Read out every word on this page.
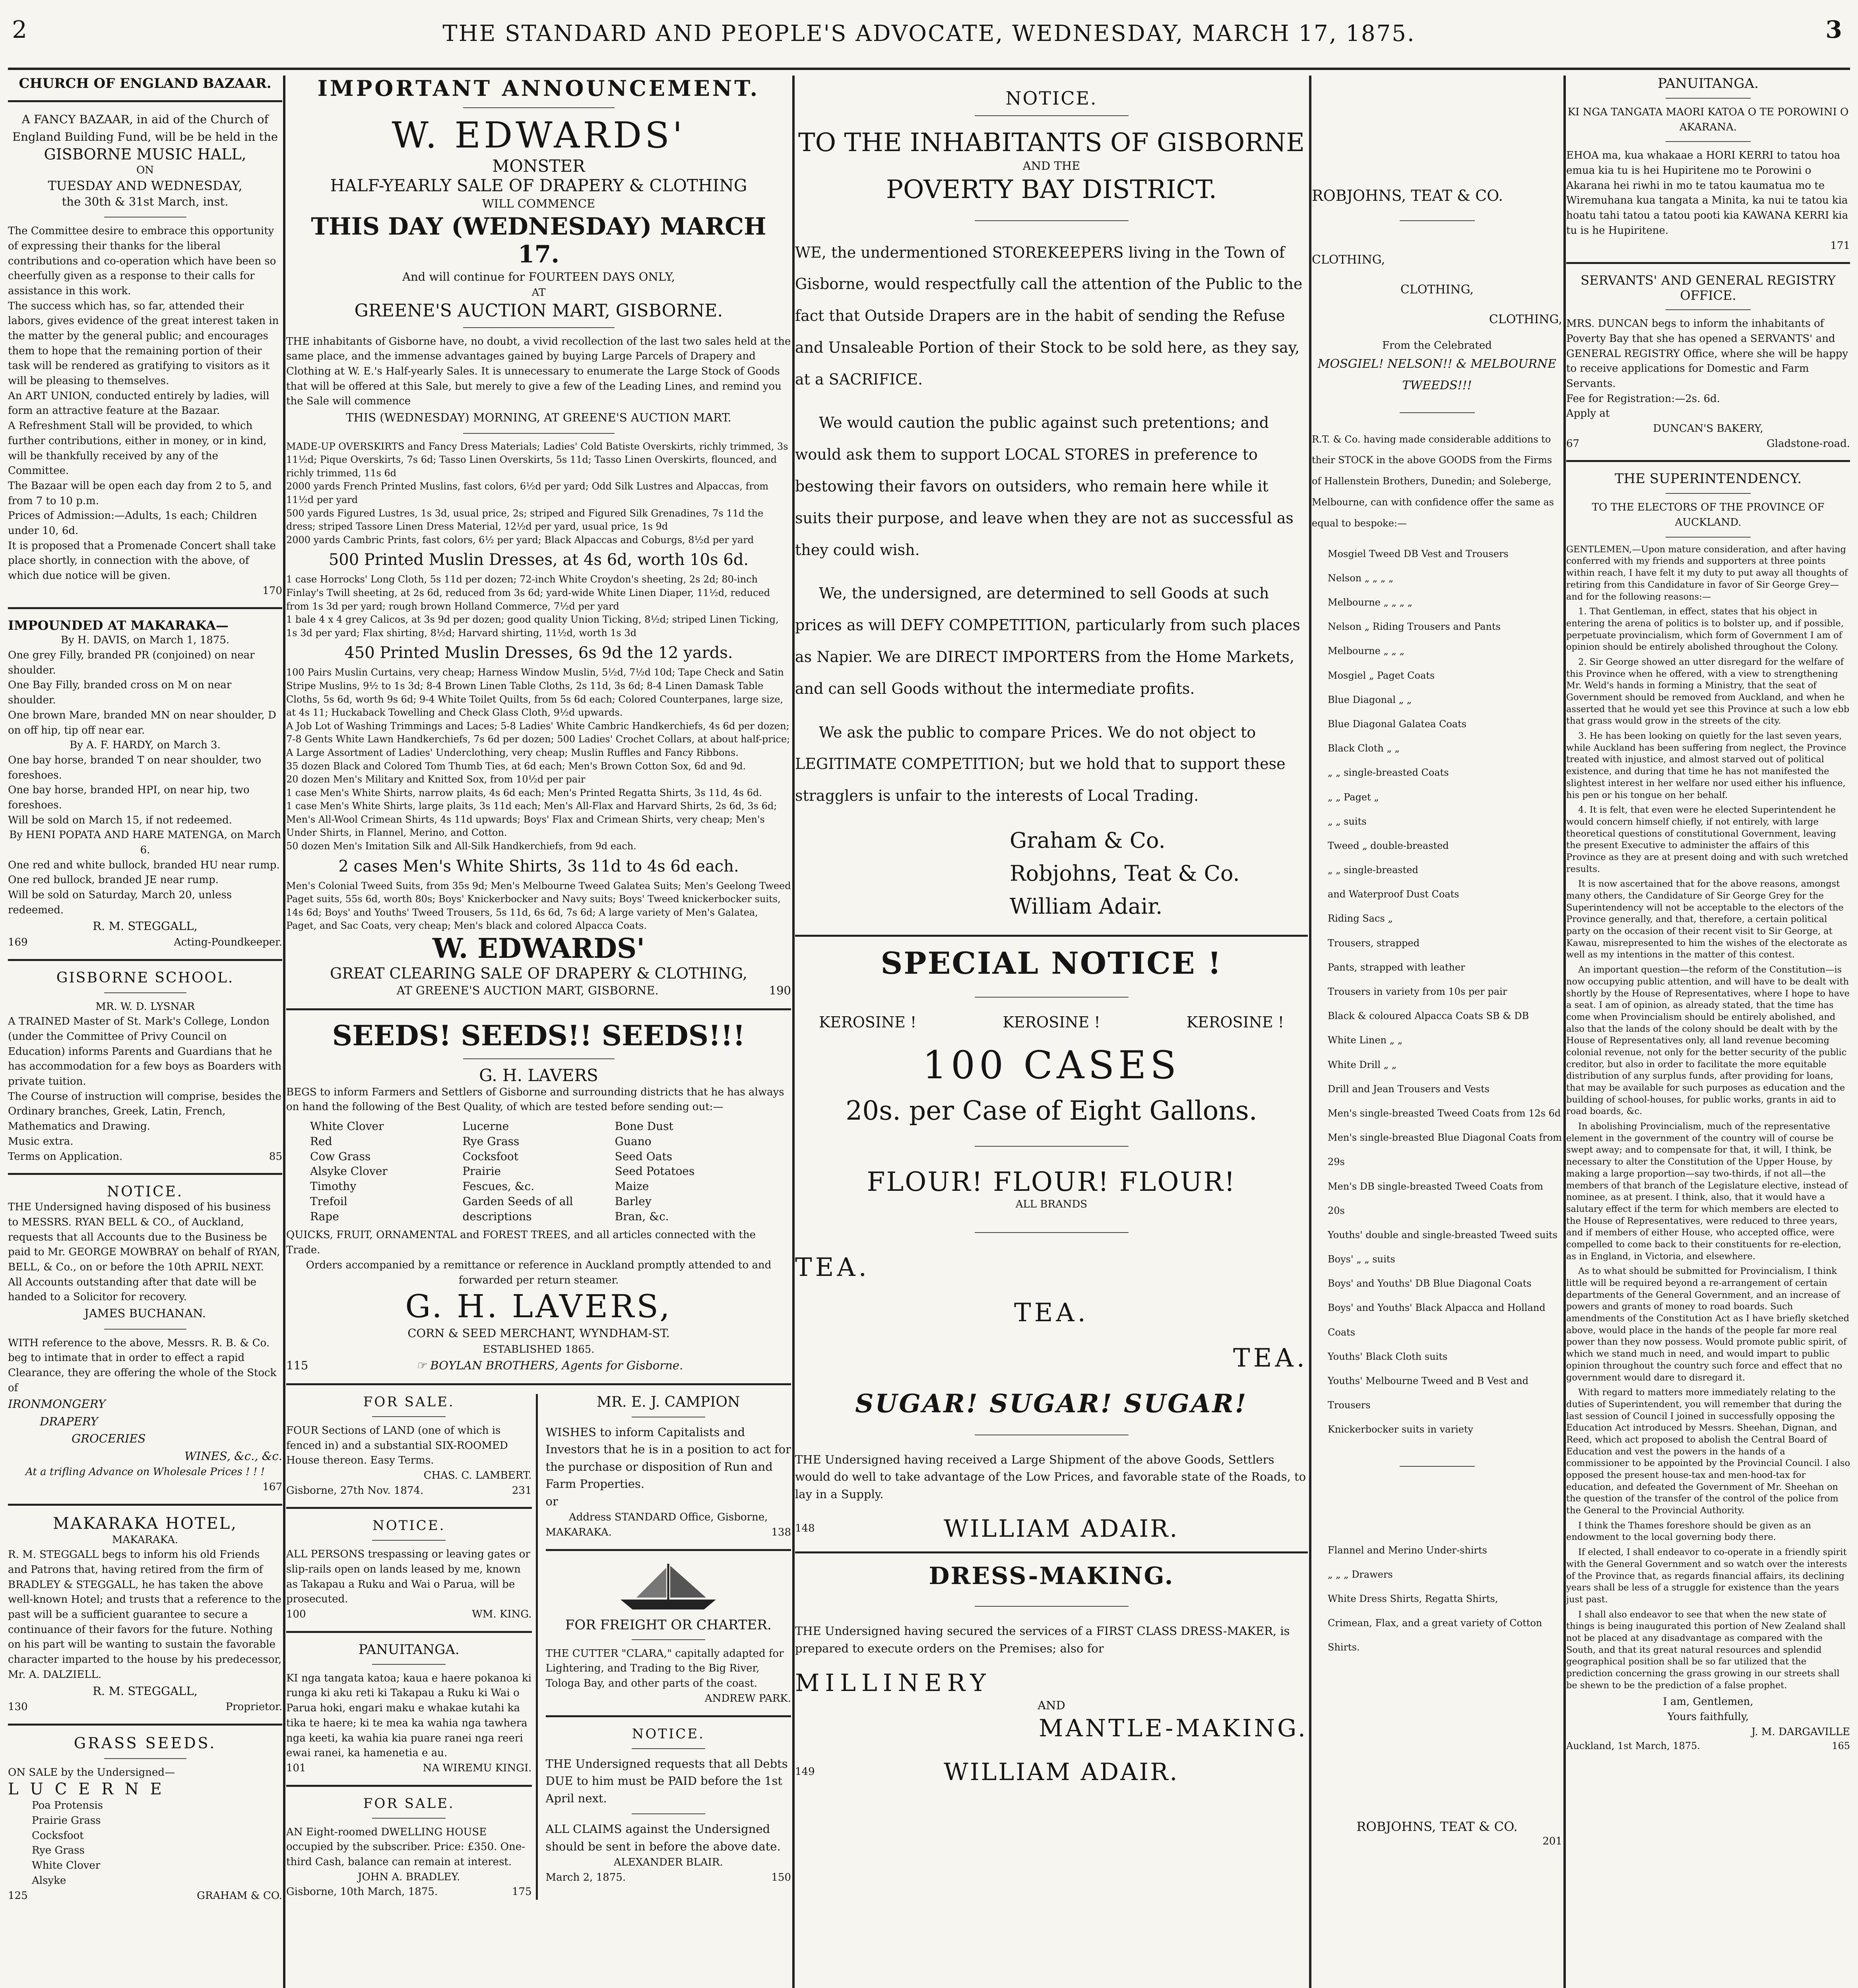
2	THE STANDARD AND PEOPLE'S ADVOCATE, WEDNESDAY, MARCH 17, 1875.	3

CHURCH OF ENGLAND BAZAAR.

A FANCY BAZAAR, in aid of the Church of England Building Fund, will be be held in the

GISBORNE MUSIC HALL,

ON

TUESDAY AND WEDNESDAY,

the 30th & 31st March, inst.

The Committee desire to embrace this opportunity of expressing their thanks for the liberal contributions and co-operation which have been so cheerfully given as a response to their calls for assistance in this work.

The success which has, so far, attended their labors, gives evidence of the great interest taken in the matter by the general public; and encourages them to hope that the remaining portion of their task will be rendered as gratifying to visitors as it will be pleasing to themselves.

An ART UNION, conducted entirely by ladies, will form an attractive feature at the Bazaar.

A Refreshment Stall will be provided, to which further contributions, either in money, or in kind, will be thankfully received by any of the Committee.

The Bazaar will be open each day from 2 to 5, and from 7 to 10 p.m.

Prices of Admission:—Adults, 1s each; Children under 10, 6d.

It is proposed that a Promenade Concert shall take place shortly, in connection with the above, of which due notice will be given.

170

IMPOUNDED AT MAKARAKA—

By H. DAVIS, on March 1, 1875.

One grey Filly, branded PR (conjoined) on near shoulder.

One Bay Filly, branded cross on M on near shoulder.

One brown Mare, branded MN on near shoulder, D on off hip, tip off near ear.

By A. F. HARDY, on March 3.

One bay horse, branded T on near shoulder, two foreshoes.

One bay horse, branded HPI, on near hip, two foreshoes.

Will be sold on March 15, if not redeemed.

By HENI POPATA AND HARE MATENGA, on March 6.

One red and white bullock, branded HU near rump.

One red bullock, branded JE near rump.

Will be sold on Saturday, March 20, unless redeemed.

R. M. STEGGALL,

169	Acting-Poundkeeper.

GISBORNE SCHOOL.

MR. W. D. LYSNAR

A TRAINED Master of St. Mark's College, London (under the Committee of Privy Council on Education) informs Parents and Guardians that he has accommodation for a few boys as Boarders with private tuition.

The Course of instruction will comprise, besides the Ordinary branches, Greek, Latin, French, Mathematics and Drawing.

Music extra.

Terms on Application.	85

NOTICE.

THE Undersigned having disposed of his business to MESSRS. RYAN BELL & CO., of Auckland, requests that all Accounts due to the Business be paid to Mr. GEORGE MOWBRAY on behalf of RYAN, BELL, & Co., on or before the 10th APRIL NEXT.

All Accounts outstanding after that date will be handed to a Solicitor for recovery.

JAMES BUCHANAN.

WITH reference to the above, Messrs. R. B. & Co. beg to intimate that in order to effect a rapid Clearance, they are offering the whole of the Stock of

IRONMONGERY

DRAPERY

GROCERIES

WINES, &c., &c.

At a trifling Advance on Wholesale Prices ! ! !

167

MAKARAKA HOTEL,

MAKARAKA.

R. M. STEGGALL begs to inform his old Friends and Patrons that, having retired from the firm of BRADLEY & STEGGALL, he has taken the above well-known Hotel; and trusts that a reference to the past will be a sufficient guarantee to secure a continuance of their favors for the future. Nothing on his part will be wanting to sustain the favorable character imparted to the house by his predecessor, Mr. A. DALZIELL.

R. M. STEGGALL,

130	Proprietor.

GRASS SEEDS.

ON SALE by the Undersigned—

L U C E R N E

Poa Protensis

Prairie Grass

Cocksfoot

Rye Grass

White Clover

Alsyke

125	GRAHAM & CO.

IMPORTANT ANNOUNCEMENT.

W. EDWARDS'

MONSTER

HALF-YEARLY SALE OF DRAPERY & CLOTHING

WILL COMMENCE

THIS DAY (WEDNESDAY) MARCH 17.

And will continue for FOURTEEN DAYS ONLY,

AT

GREENE'S AUCTION MART, GISBORNE.

THE inhabitants of Gisborne have, no doubt, a vivid recollection of the last two sales held at the same place, and the immense advantages gained by buying Large Parcels of Drapery and Clothing at W. E.'s Half-yearly Sales. It is unnecessary to enumerate the Large Stock of Goods that will be offered at this Sale, but merely to give a few of the Leading Lines, and remind you the Sale will commence

THIS (WEDNESDAY) MORNING, AT GREENE'S AUCTION MART.

MADE-UP OVERSKIRTS and Fancy Dress Materials; Ladies' Cold Batiste Overskirts, richly trimmed, 3s 11½d; Pique Overskirts, 7s 6d; Tasso Linen Overskirts, 5s 11d; Tasso Linen Overskirts, flounced, and richly trimmed, 11s 6d

2000 yards French Printed Muslins, fast colors, 6½d per yard; Odd Silk Lustres and Alpaccas, from 11½d per yard

500 yards Figured Lustres, 1s 3d, usual price, 2s; striped and Figured Silk Grenadines, 7s 11d the dress; striped Tassore Linen Dress Material, 12½d per yard, usual price, 1s 9d

2000 yards Cambric Prints, fast colors, 6½ per yard; Black Alpaccas and Coburgs, 8½d per yard

500 Printed Muslin Dresses, at 4s 6d, worth 10s 6d.

1 case Horrocks' Long Cloth, 5s 11d per dozen; 72-inch White Croydon's sheeting, 2s 2d; 80-inch Finlay's Twill sheeting, at 2s 6d, reduced from 3s 6d; yard-wide White Linen Diaper, 11½d, reduced from 1s 3d per yard; rough brown Holland Commerce, 7½d per yard

1 bale 4 x 4 grey Calicos, at 3s 9d per dozen; good quality Union Ticking, 8½d; striped Linen Ticking, 1s 3d per yard; Flax shirting, 8½d; Harvard shirting, 11½d, worth 1s 3d

450 Printed Muslin Dresses, 6s 9d the 12 yards.

100 Pairs Muslin Curtains, very cheap; Harness Window Muslin, 5½d, 7½d 10d; Tape Check and Satin Stripe Muslins, 9½ to 1s 3d; 8-4 Brown Linen Table Cloths, 2s 11d, 3s 6d; 8-4 Linen Damask Table Cloths, 5s 6d, worth 9s 6d; 9-4 White Toilet Quilts, from 5s 6d each; Colored Counterpanes, large size, at 4s 11; Huckaback Towelling and Check Glass Cloth, 9½d upwards.

A Job Lot of Washing Trimmings and Laces; 5-8 Ladies' White Cambric Handkerchiefs, 4s 6d per dozen; 7-8 Gents White Lawn Handkerchiefs, 7s 6d per dozen; 500 Ladies' Crochet Collars, at about half-price; A Large Assortment of Ladies' Underclothing, very cheap; Muslin Ruffles and Fancy Ribbons.

35 dozen Black and Colored Tom Thumb Ties, at 6d each; Men's Brown Cotton Sox, 6d and 9d.

20 dozen Men's Military and Knitted Sox, from 10½d per pair

1 case Men's White Shirts, narrow plaits, 4s 6d each; Men's Printed Regatta Shirts, 3s 11d, 4s 6d.

1 case Men's White Shirts, large plaits, 3s 11d each; Men's All-Flax and Harvard Shirts, 2s 6d, 3s 6d; Men's All-Wool Crimean Shirts, 4s 11d upwards; Boys' Flax and Crimean Shirts, very cheap; Men's Under Shirts, in Flannel, Merino, and Cotton.

50 dozen Men's Imitation Silk and All-Silk Handkerchiefs, from 9d each.

2 cases Men's White Shirts, 3s 11d to 4s 6d each.

Men's Colonial Tweed Suits, from 35s 9d; Men's Melbourne Tweed Galatea Suits; Men's Geelong Tweed Paget suits, 55s 6d, worth 80s; Boys' Knickerbocker and Navy suits; Boys' Tweed knickerbocker suits, 14s 6d; Boys' and Youths' Tweed Trousers, 5s 11d, 6s 6d, 7s 6d; A large variety of Men's Galatea, Paget, and Sac Coats, very cheap; Men's black and colored Alpacca Coats.

W. EDWARDS'

GREAT CLEARING SALE OF DRAPERY & CLOTHING,

AT GREENE'S AUCTION MART, GISBORNE.	190

SEEDS! SEEDS!! SEEDS!!!

G. H. LAVERS

BEGS to inform Farmers and Settlers of Gisborne and surrounding districts that he has always on hand the following of the Best Quality, of which are tested before sending out:—

White Clover	Lucerne	Bone Dust
Red	Rye Grass	Guano
Cow Grass	Cocksfoot	Seed Oats
Alsyke Clover	Prairie	Seed Potatoes
Timothy	Fescues, &c.	Maize
Trefoil	Garden Seeds of all	Barley
Rape	descriptions	Bran, &c.

QUICKS, FRUIT, ORNAMENTAL and FOREST TREES, and all articles connected with the Trade.

Orders accompanied by a remittance or reference in Auckland promptly attended to and forwarded per return steamer.

G. H. LAVERS,

CORN & SEED MERCHANT, WYNDHAM-ST.

ESTABLISHED 1865.

115	☞ BOYLAN BROTHERS, Agents for Gisborne.

FOR SALE.

FOUR Sections of LAND (one of which is fenced in) and a substantial SIX-ROOMED House thereon. Easy Terms.

CHAS. C. LAMBERT.

Gisborne, 27th Nov. 1874.	231

NOTICE.

ALL PERSONS trespassing or leaving gates or slip-rails open on lands leased by me, known as Takapau a Ruku and Wai o Parua, will be prosecuted.

100	WM. KING.

PANUITANGA.

KI nga tangata katoa; kaua e haere pokanoa ki runga ki aku reti ki Takapau a Ruku ki Wai o Parua hoki, engari maku e whakae kutahi ka tika te haere; ki te mea ka wahia nga tawhera nga keeti, ka wahia kia puare ranei nga reeri ewai ranei, ka hamenetia e au.

101	NA WIREMU KINGI.

FOR SALE.

AN Eight-roomed DWELLING HOUSE occupied by the subscriber. Price: £350. One-third Cash, balance can remain at interest.

JOHN A. BRADLEY.

Gisborne, 10th March, 1875.	175

MR. E. J. CAMPION

WISHES to inform Capitalists and Investors that he is in a position to act for the purchase or disposition of Run and Farm Properties.

or

Address STANDARD Office, Gisborne,

MAKARAKA.	138

FOR FREIGHT OR CHARTER.

THE CUTTER "CLARA," capitally adapted for Lightering, and Trading to the Big River, Tologa Bay, and other parts of the coast.

ANDREW PARK.

NOTICE.

THE Undersigned requests that all Debts DUE to him must be PAID before the 1st April next.

ALL CLAIMS against the Undersigned should be sent in before the above date.

ALEXANDER BLAIR.

March 2, 1875.	150

NOTICE.

TO THE INHABITANTS OF GISBORNE

AND THE

POVERTY BAY DISTRICT.

WE, the undermentioned STOREKEEPERS living in the Town of Gisborne, would respectfully call the attention of the Public to the fact that Outside Drapers are in the habit of sending the Refuse and Unsaleable Portion of their Stock to be sold here, as they say, at a SACRIFICE.

We would caution the public against such pretentions; and would ask them to support LOCAL STORES in preference to bestowing their favors on outsiders, who remain here while it suits their purpose, and leave when they are not as successful as they could wish.

We, the undersigned, are determined to sell Goods at such prices as will DEFY COMPETITION, particularly from such places as Napier. We are DIRECT IMPORTERS from the Home Markets, and can sell Goods without the intermediate profits.

We ask the public to compare Prices. We do not object to LEGITIMATE COMPETITION; but we hold that to support these stragglers is unfair to the interests of Local Trading.

Graham & Co.

Robjohns, Teat & Co.

William Adair.

SPECIAL NOTICE !

KEROSINE !	KEROSINE !	KEROSINE !

100 CASES

20s. per Case of Eight Gallons.

FLOUR! FLOUR! FLOUR!

ALL BRANDS

TEA.

TEA.

TEA.

SUGAR! SUGAR! SUGAR!

THE Undersigned having received a Large Shipment of the above Goods, Settlers would do well to take advantage of the Low Prices, and favorable state of the Roads, to lay in a Supply.

148	WILLIAM ADAIR.

DRESS-MAKING.

THE Undersigned having secured the services of a FIRST CLASS DRESS-MAKER, is prepared to execute orders on the Premises; also for

MILLINERY

AND

MANTLE-MAKING.

149	WILLIAM ADAIR.

ROBJOHNS, TEAT & CO.

CLOTHING,

CLOTHING,

CLOTHING,

From the Celebrated

MOSGIEL! NELSON!! & MELBOURNE TWEEDS!!!

R.T. & Co. having made considerable additions to their STOCK in the above GOODS from the Firms of Hallenstein Brothers, Dunedin; and Soleberge, Melbourne, can with confidence offer the same as equal to bespoke:—

Mosgiel Tweed DB Vest and Trousers

Nelson „ „ „ „

Melbourne „ „ „ „

Nelson „ Riding Trousers and Pants

Melbourne „ „ „

Mosgiel „ Paget Coats

Blue Diagonal „ „

Blue Diagonal Galatea Coats

Black Cloth „ „

„ „ single-breasted Coats

„ „ Paget „

„ „ suits

Tweed „ double-breasted

„ „ single-breasted

and Waterproof Dust Coats

Riding Sacs „

Trousers, strapped

Pants, strapped with leather

Trousers in variety from 10s per pair

Black & coloured Alpacca Coats SB & DB

White Linen „ „

White Drill „ „

Drill and Jean Trousers and Vests

Men's single-breasted Tweed Coats from 12s 6d

Men's single-breasted Blue Diagonal Coats from 29s

Men's DB single-breasted Tweed Coats from 20s

Youths' double and single-breasted Tweed suits

Boys' „ „ suits

Boys' and Youths' DB Blue Diagonal Coats

Boys' and Youths' Black Alpacca and Holland Coats

Youths' Black Cloth suits

Youths' Melbourne Tweed and B Vest and Trousers

Knickerbocker suits in variety

Flannel and Merino Under-shirts

„ „ „ Drawers

White Dress Shirts, Regatta Shirts,

Crimean, Flax, and a great variety of Cotton Shirts.

ROBJOHNS, TEAT & CO.

201

PANUITANGA.

KI NGA TANGATA MAORI KATOA O TE POROWINI O AKARANA.

EHOA ma, kua whakaae a HORI KERRI to tatou hoa emua kia tu is hei Hupiritene mo te Porowini o Akarana hei riwhi in mo te tatou kaumatua mo te Wiremuhana kua tangata a Minita, ka nui te tatou kia hoatu tahi tatou a tatou pooti kia KAWANA KERRI kia tu is he Hupiritene.

171

SERVANTS' AND GENERAL REGISTRY OFFICE.

MRS. DUNCAN begs to inform the inhabitants of Poverty Bay that she has opened a SERVANTS' and GENERAL REGISTRY Office, where she will be happy to receive applications for Domestic and Farm Servants.

Fee for Registration:—2s. 6d.

Apply at

DUNCAN'S BAKERY,

67	Gladstone-road.

THE SUPERINTENDENCY.

TO THE ELECTORS OF THE PROVINCE OF AUCKLAND.

GENTLEMEN,—Upon mature consideration, and after having conferred with my friends and supporters at three points within reach, I have felt it my duty to put away all thoughts of retiring from this Candidature in favor of Sir George Grey—and for the following reasons:—

1. That Gentleman, in effect, states that his object in entering the arena of politics is to bolster up, and if possible, perpetuate provincialism, which form of Government I am of opinion should be entirely abolished throughout the Colony.

2. Sir George showed an utter disregard for the welfare of this Province when he offered, with a view to strengthening Mr. Weld's hands in forming a Ministry, that the seat of Government should be removed from Auckland, and when he asserted that he would yet see this Province at such a low ebb that grass would grow in the streets of the city.

3. He has been looking on quietly for the last seven years, while Auckland has been suffering from neglect, the Province treated with injustice, and almost starved out of political existence, and during that time he has not manifested the slightest interest in her welfare nor used either his influence, his pen or his tongue on her behalf.

4. It is felt, that even were he elected Superintendent he would concern himself chiefly, if not entirely, with large theoretical questions of constitutional Government, leaving the present Executive to administer the affairs of this Province as they are at present doing and with such wretched results.

It is now ascertained that for the above reasons, amongst many others, the Candidature of Sir George Grey for the Superintendency will not be acceptable to the electors of the Province generally, and that, therefore, a certain political party on the occasion of their recent visit to Sir George, at Kawau, misrepresented to him the wishes of the electorate as well as my intentions in the matter of this contest.

An important question—the reform of the Constitution—is now occupying public attention, and will have to be dealt with shortly by the House of Representatives, where I hope to have a seat. I am of opinion, as already stated, that the time has come when Provincialism should be entirely abolished, and also that the lands of the colony should be dealt with by the House of Representatives only, all land revenue becoming colonial revenue, not only for the better security of the public creditor, but also in order to facilitate the more equitable distribution of any surplus funds, after providing for loans, that may be available for such purposes as education and the building of school-houses, for public works, grants in aid to road boards, &c.

In abolishing Provincialism, much of the representative element in the government of the country will of course be swept away; and to compensate for that, it will, I think, be necessary to alter the Constitution of the Upper House, by making a large proportion—say two-thirds, if not all—the members of that branch of the Legislature elective, instead of nominee, as at present. I think, also, that it would have a salutary effect if the term for which members are elected to the House of Representatives, were reduced to three years, and if members of either House, who accepted office, were compelled to come back to their constituents for re-election, as in England, in Victoria, and elsewhere.

As to what should be submitted for Provincialism, I think little will be required beyond a re-arrangement of certain departments of the General Government, and an increase of powers and grants of money to road boards. Such amendments of the Constitution Act as I have briefly sketched above, would place in the hands of the people far more real power than they now possess. Would promote public spirit, of which we stand much in need, and would impart to public opinion throughout the country such force and effect that no government would dare to disregard it.

With regard to matters more immediately relating to the duties of Superintendent, you will remember that during the last session of Council I joined in successfully opposing the Education Act introduced by Messrs. Sheehan, Dignan, and Reed, which act proposed to abolish the Central Board of Education and vest the powers in the hands of a commissioner to be appointed by the Provincial Council. I also opposed the present house-tax and men-hood-tax for education, and defeated the Government of Mr. Sheehan on the question of the transfer of the control of the police from the General to the Provincial Authority.

I think the Thames foreshore should be given as an endowment to the local governing body there.

If elected, I shall endeavor to co-operate in a friendly spirit with the General Government and so watch over the interests of the Province that, as regards financial affairs, its declining years shall be less of a struggle for existence than the years just past.

I shall also endeavor to see that when the new state of things is being inaugurated this portion of New Zealand shall not be placed at any disadvantage as compared with the South, and that its great natural resources and splendid geographical position shall be so far utilized that the prediction concerning the grass growing in our streets shall be shewn to be the prediction of a false prophet.

I am, Gentlemen,

Yours faithfully,

J. M. DARGAVILLE

Auckland, 1st March, 1875.	165
